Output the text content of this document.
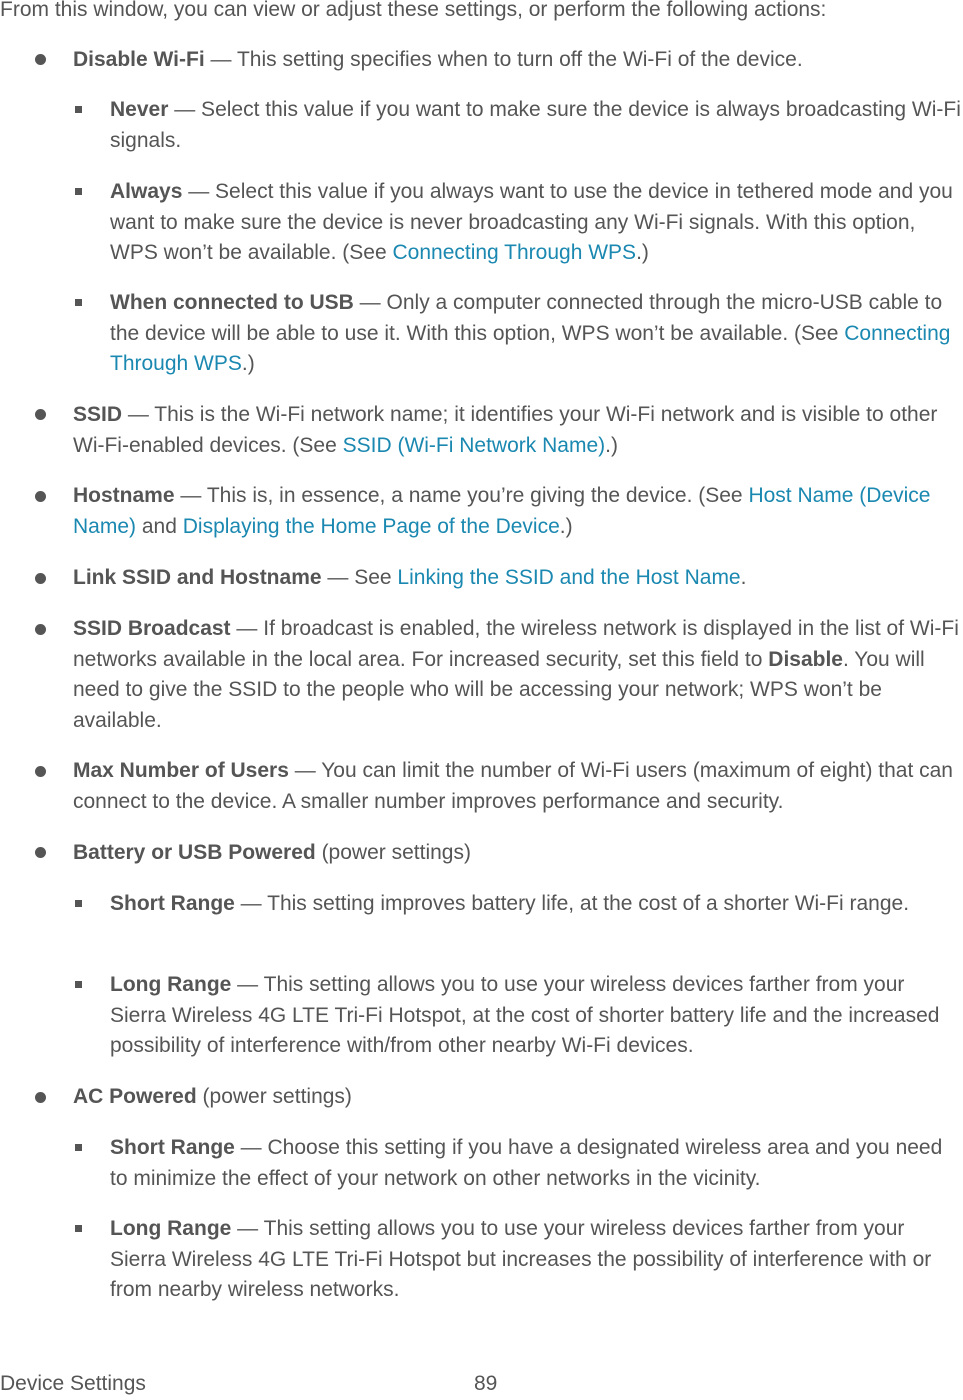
From this window, you can view or adjust these settings, or perform the following actions:
Disable Wi-Fi — This setting specifies when to turn off the Wi-Fi of the device.
Never — Select this value if you want to make sure the device is always broadcasting Wi-Fi signals.
Always — Select this value if you always want to use the device in tethered mode and you want to make sure the device is never broadcasting any Wi-Fi signals. With this option, WPS won’t be available. (See Connecting Through WPS.)
When connected to USB — Only a computer connected through the micro-USB cable to the device will be able to use it. With this option, WPS won’t be available. (See Connecting Through WPS.)
SSID — This is the Wi-Fi network name; it identifies your Wi-Fi network and is visible to other Wi-Fi-enabled devices. (See SSID (Wi-Fi Network Name).)
Hostname — This is, in essence, a name you’re giving the device. (See Host Name (Device Name) and Displaying the Home Page of the Device.)
Link SSID and Hostname — See Linking the SSID and the Host Name.
SSID Broadcast — If broadcast is enabled, the wireless network is displayed in the list of Wi-Fi networks available in the local area. For increased security, set this field to Disable. You will need to give the SSID to the people who will be accessing your network; WPS won’t be available.
Max Number of Users — You can limit the number of Wi-Fi users (maximum of eight) that can connect to the device. A smaller number improves performance and security.
Battery or USB Powered (power settings)
Short Range — This setting improves battery life, at the cost of a shorter Wi-Fi range.
Long Range — This setting allows you to use your wireless devices farther from your Sierra Wireless 4G LTE Tri-Fi Hotspot, at the cost of shorter battery life and the increased possibility of interference with/from other nearby Wi-Fi devices.
AC Powered (power settings)
Short Range — Choose this setting if you have a designated wireless area and you need to minimize the effect of your network on other networks in the vicinity.
Long Range — This setting allows you to use your wireless devices farther from your Sierra Wireless 4G LTE Tri-Fi Hotspot but increases the possibility of interference with or from nearby wireless networks.
Device Settings	89
